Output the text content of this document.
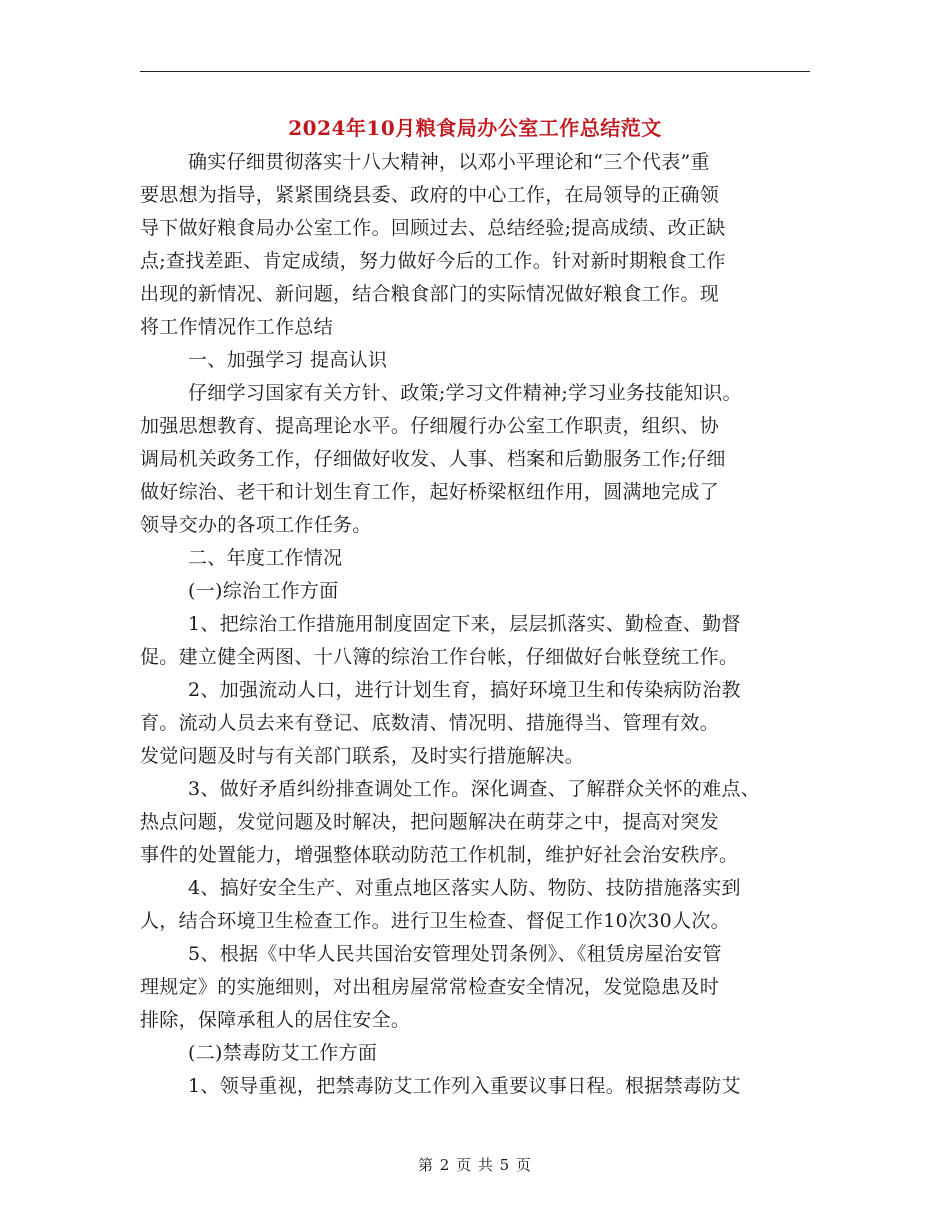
2024年10月粮食局办公室工作总结范文
确实仔细贯彻落实十八大精神，以邓小平理论和“三个代表”重
要思想为指导，紧紧围绕县委、政府的中心工作，在局领导的正确领
导下做好粮食局办公室工作。回顾过去、总结经验;提高成绩、改正缺
点;查找差距、肯定成绩，努力做好今后的工作。针对新时期粮食工作
出现的新情况、新问题，结合粮食部门的实际情况做好粮食工作。现
将工作情况作工作总结
一、加强学习 提高认识
仔细学习国家有关方针、政策;学习文件精神;学习业务技能知识。
加强思想教育、提高理论水平。仔细履行办公室工作职责，组织、协
调局机关政务工作，仔细做好收发、人事、档案和后勤服务工作;仔细
做好综治、老干和计划生育工作，起好桥梁枢纽作用，圆满地完成了
领导交办的各项工作任务。
二、年度工作情况
(一)综治工作方面
1、把综治工作措施用制度固定下来，层层抓落实、勤检查、勤督
促。建立健全两图、十八簿的综治工作台帐，仔细做好台帐登统工作。
2、加强流动人口，进行计划生育，搞好环境卫生和传染病防治教
育。流动人员去来有登记、底数清、情况明、措施得当、管理有效。
发觉问题及时与有关部门联系，及时实行措施解决。
3、做好矛盾纠纷排查调处工作。深化调查、了解群众关怀的难点、
热点问题，发觉问题及时解决，把问题解决在萌芽之中，提高对突发
事件的处置能力，增强整体联动防范工作机制，维护好社会治安秩序。
4、搞好安全生产、对重点地区落实人防、物防、技防措施落实到
人，结合环境卫生检查工作。进行卫生检查、督促工作10次30人次。
5、根据《中华人民共国治安管理处罚条例》、《租赁房屋治安管
理规定》的实施细则，对出租房屋常常检查安全情况，发觉隐患及时
排除，保障承租人的居住安全。
(二)禁毒防艾工作方面
1、领导重视，把禁毒防艾工作列入重要议事日程。根据禁毒防艾
第 2 页 共 5 页
